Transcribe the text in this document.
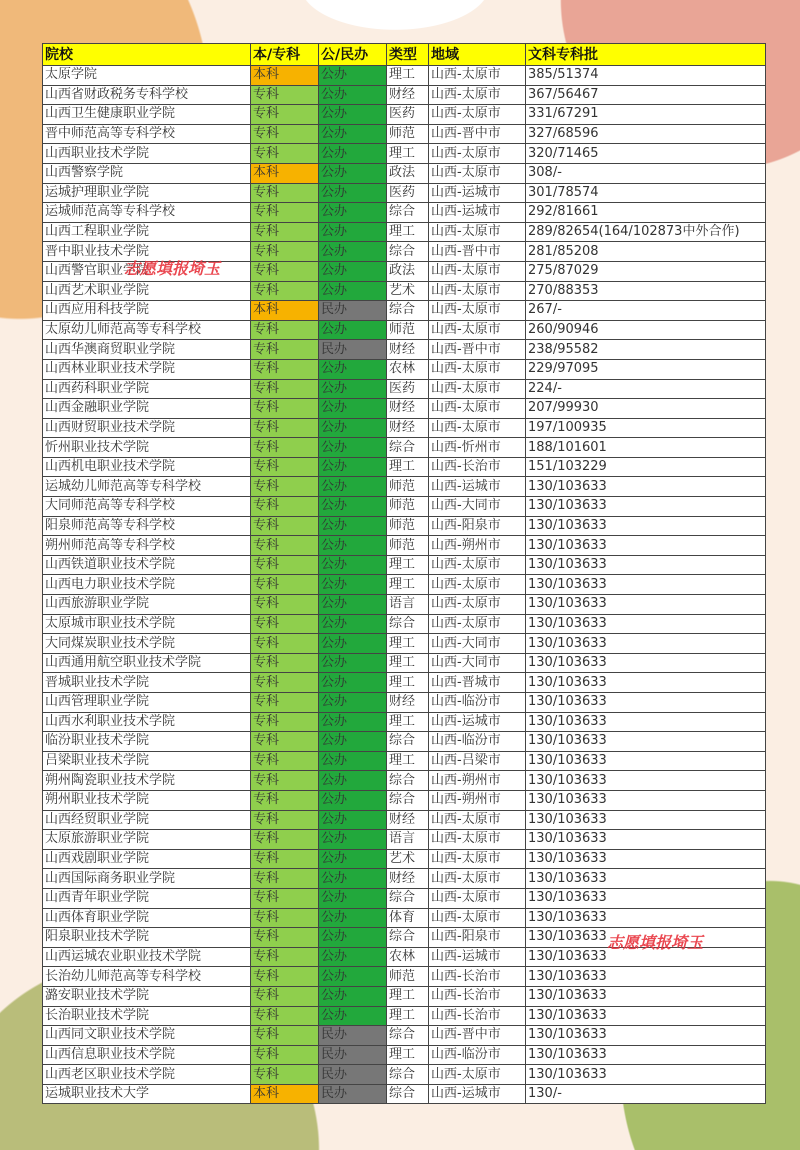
院校	本/专科	公/民办	类型	地域	文科专科批
太原学院	本科	公办	理工	山西-太原市	385/51374
山西省财政税务专科学校	专科	公办	财经	山西-太原市	367/56467
山西卫生健康职业学院	专科	公办	医药	山西-太原市	331/67291
晋中师范高等专科学校	专科	公办	师范	山西-晋中市	327/68596
山西职业技术学院	专科	公办	理工	山西-太原市	320/71465
山西警察学院	本科	公办	政法	山西-太原市	308/-
运城护理职业学院	专科	公办	医药	山西-运城市	301/78574
运城师范高等专科学校	专科	公办	综合	山西-运城市	292/81661
山西工程职业学院	专科	公办	理工	山西-太原市	289/82654(164/102873中外合作)
晋中职业技术学院	专科	公办	综合	山西-晋中市	281/85208
山西警官职业学院	专科	公办	政法	山西-太原市	275/87029
山西艺术职业学院	专科	公办	艺术	山西-太原市	270/88353
山西应用科技学院	本科	民办	综合	山西-太原市	267/-
太原幼儿师范高等专科学校	专科	公办	师范	山西-太原市	260/90946
山西华澳商贸职业学院	专科	民办	财经	山西-晋中市	238/95582
山西林业职业技术学院	专科	公办	农林	山西-太原市	229/97095
山西药科职业学院	专科	公办	医药	山西-太原市	224/-
山西金融职业学院	专科	公办	财经	山西-太原市	207/99930
山西财贸职业技术学院	专科	公办	财经	山西-太原市	197/100935
忻州职业技术学院	专科	公办	综合	山西-忻州市	188/101601
山西机电职业技术学院	专科	公办	理工	山西-长治市	151/103229
运城幼儿师范高等专科学校	专科	公办	师范	山西-运城市	130/103633
大同师范高等专科学校	专科	公办	师范	山西-大同市	130/103633
阳泉师范高等专科学校	专科	公办	师范	山西-阳泉市	130/103633
朔州师范高等专科学校	专科	公办	师范	山西-朔州市	130/103633
山西铁道职业技术学院	专科	公办	理工	山西-太原市	130/103633
山西电力职业技术学院	专科	公办	理工	山西-太原市	130/103633
山西旅游职业学院	专科	公办	语言	山西-太原市	130/103633
太原城市职业技术学院	专科	公办	综合	山西-太原市	130/103633
大同煤炭职业技术学院	专科	公办	理工	山西-大同市	130/103633
山西通用航空职业技术学院	专科	公办	理工	山西-大同市	130/103633
晋城职业技术学院	专科	公办	理工	山西-晋城市	130/103633
山西管理职业学院	专科	公办	财经	山西-临汾市	130/103633
山西水利职业技术学院	专科	公办	理工	山西-运城市	130/103633
临汾职业技术学院	专科	公办	综合	山西-临汾市	130/103633
吕梁职业技术学院	专科	公办	理工	山西-吕梁市	130/103633
朔州陶瓷职业技术学院	专科	公办	综合	山西-朔州市	130/103633
朔州职业技术学院	专科	公办	综合	山西-朔州市	130/103633
山西经贸职业学院	专科	公办	财经	山西-太原市	130/103633
太原旅游职业学院	专科	公办	语言	山西-太原市	130/103633
山西戏剧职业学院	专科	公办	艺术	山西-太原市	130/103633
山西国际商务职业学院	专科	公办	财经	山西-太原市	130/103633
山西青年职业学院	专科	公办	综合	山西-太原市	130/103633
山西体育职业学院	专科	公办	体育	山西-太原市	130/103633
阳泉职业技术学院	专科	公办	综合	山西-阳泉市	130/103633
山西运城农业职业技术学院	专科	公办	农林	山西-运城市	130/103633
长治幼儿师范高等专科学校	专科	公办	师范	山西-长治市	130/103633
潞安职业技术学院	专科	公办	理工	山西-长治市	130/103633
长治职业技术学院	专科	公办	理工	山西-长治市	130/103633
山西同文职业技术学院	专科	民办	综合	山西-晋中市	130/103633
山西信息职业技术学院	专科	民办	理工	山西-临汾市	130/103633
山西老区职业技术学院	专科	民办	综合	山西-太原市	130/103633
运城职业技术大学	本科	民办	综合	山西-运城市	130/-
志愿填报埼玉
志愿填报埼玉
